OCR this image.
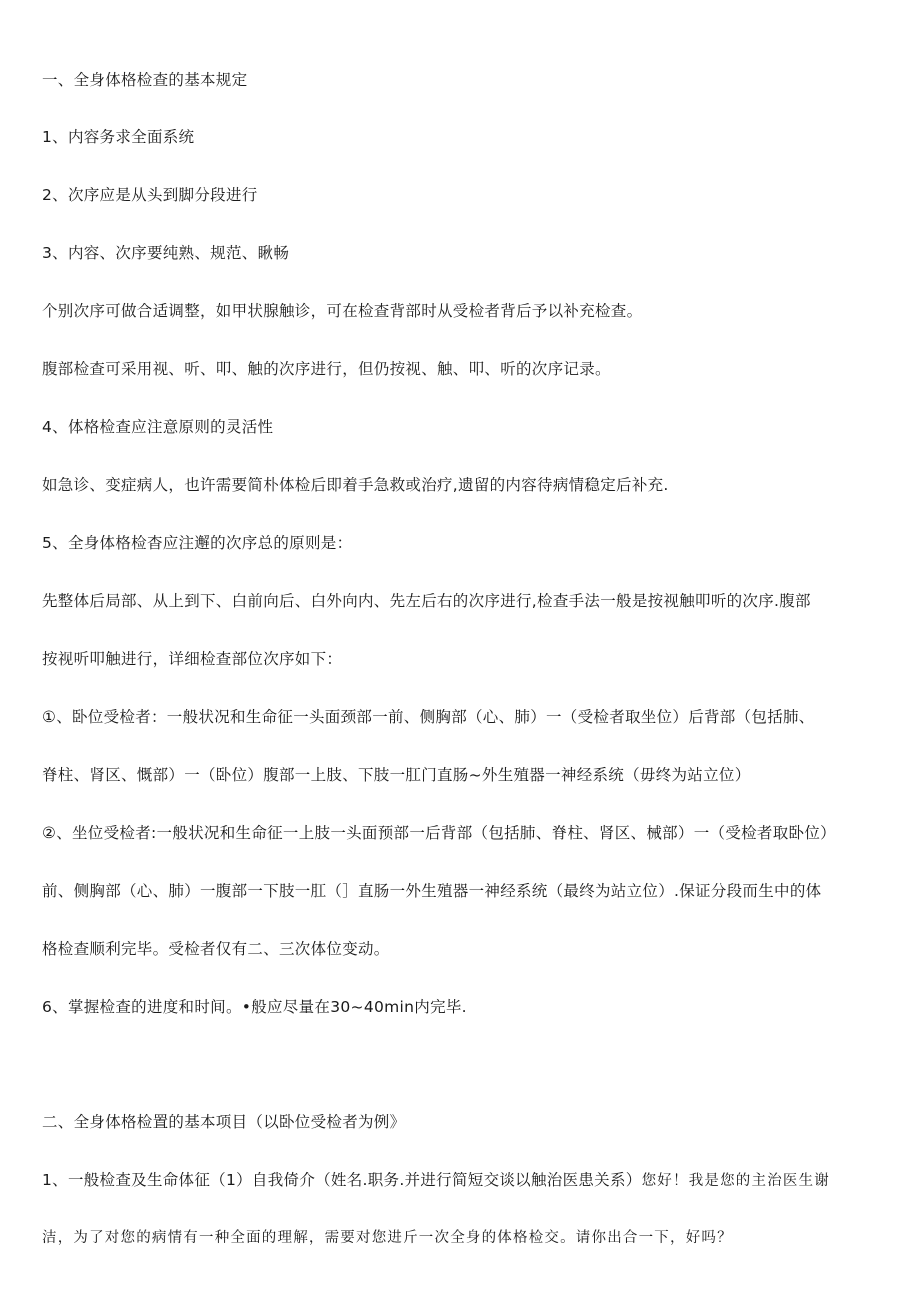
一、全身体格检查的基本规定
1、内容务求全面系统
2、次序应是从头到脚分段进行
3、内容、次序要纯熟、规范、瞅畅
个别次序可做合适调整，如甲状腺触诊，可在检查背部时从受检者背后予以补充检查。
腹部检查可采用视、听、叩、触的次序进行，但仍按视、触、叩、听的次序记录。
4、体格检查应注意原则的灵活性
如急诊、变症病人，也许需要简朴体检后即着手急救或治疗,遗留的内容待病情稳定后补充.
5、全身体格检杳应注邂的次序总的原则是：
先整体后局部、从上到下、白前向后、白外向内、先左后右的次序进行,检查手法一般是按视触叩听的次序.腹部
按视听叩触进行，详细检查部位次序如下：
①、卧位受检者：一般状况和生命征一头面颈部一前、侧胸部（心、肺）一（受检者取坐位）后背部（包括肺、
脊柱、肾区、慨部）一（卧位）腹部一上肢、下肢一肛门直肠~外生殖器一神经系统（毋终为站立位）
②、坐位受检者:一般状况和生命征一上肢一头面预部一后背部（包括肺、脊柱、肾区、械部）一（受检者取卧位）
前、侧胸部（心、肺）一腹部一下肢一肛（］直肠一外生殖器一神经系统（最终为站立位）.保证分段而生中的体
格检查顺利完毕。受检者仅有二、三次体位变动。
6、掌握检查的进度和时间。•般应尽量在30~40min内完毕.
二、全身体格检置的基本项目（以卧位受检者为例》
1、一般检查及生命体征（1）自我倚介（姓名.职务.并进行简短交谈以触治医患关系）您好！我是您的主治医生谢
洁，为了对您的病情有一种全面的理解，需要对您进斤一次全身的体格检交。请你出合一下，好吗？
